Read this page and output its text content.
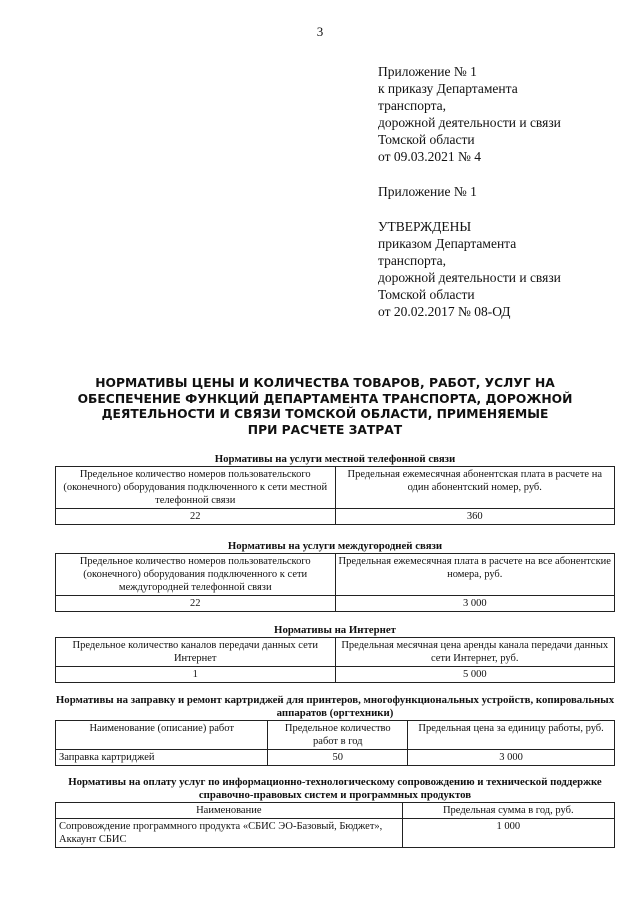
3
Приложение № 1
к приказу Департамента
транспорта,
дорожной деятельности и связи
Томской области
от 09.03.2021 № 4
Приложение № 1
УТВЕРЖДЕНЫ
приказом Департамента
транспорта,
дорожной деятельности и связи
Томской области
от 20.02.2017 № 08-ОД
НОРМАТИВЫ ЦЕНЫ И КОЛИЧЕСТВА ТОВАРОВ, РАБОТ, УСЛУГ НА
ОБЕСПЕЧЕНИЕ ФУНКЦИЙ ДЕПАРТАМЕНТА ТРАНСПОРТА, ДОРОЖНОЙ
ДЕЯТЕЛЬНОСТИ И СВЯЗИ ТОМСКОЙ ОБЛАСТИ, ПРИМЕНЯЕМЫЕ
ПРИ РАСЧЕТЕ ЗАТРАТ
Нормативы на услуги местной телефонной связи
Предельное количество номеров пользовательского (оконечного) оборудования подключенного к сети местной телефонной связи	Предельная ежемесячная абонентская плата в расчете на один абонентский номер, руб.
22	360
Нормативы на услуги междугородней связи
Предельное количество номеров пользовательского (оконечного) оборудования подключенного к сети междугородней телефонной связи	Предельная ежемесячная плата в расчете на все абонентские номера, руб.
22	3 000
Нормативы на Интернет
Предельное количество каналов передачи данных сети Интернет	Предельная месячная цена аренды канала передачи данных сети Интернет, руб.
1	5 000
Нормативы на заправку и ремонт картриджей для принтеров, многофункциональных устройств, копировальных аппаратов (оргтехники)
Наименование (описание) работ	Предельное количество работ в год	Предельная цена за единицу работы, руб.
Заправка картриджей	50	3 000
Нормативы на оплату услуг по информационно-технологическому сопровождению и технической поддержке справочно-правовых систем и программных продуктов
Наименование	Предельная сумма в год, руб.
Сопровождение программного продукта «СБИС ЭО-Базовый, Бюджет», Аккаунт СБИС	1 000
